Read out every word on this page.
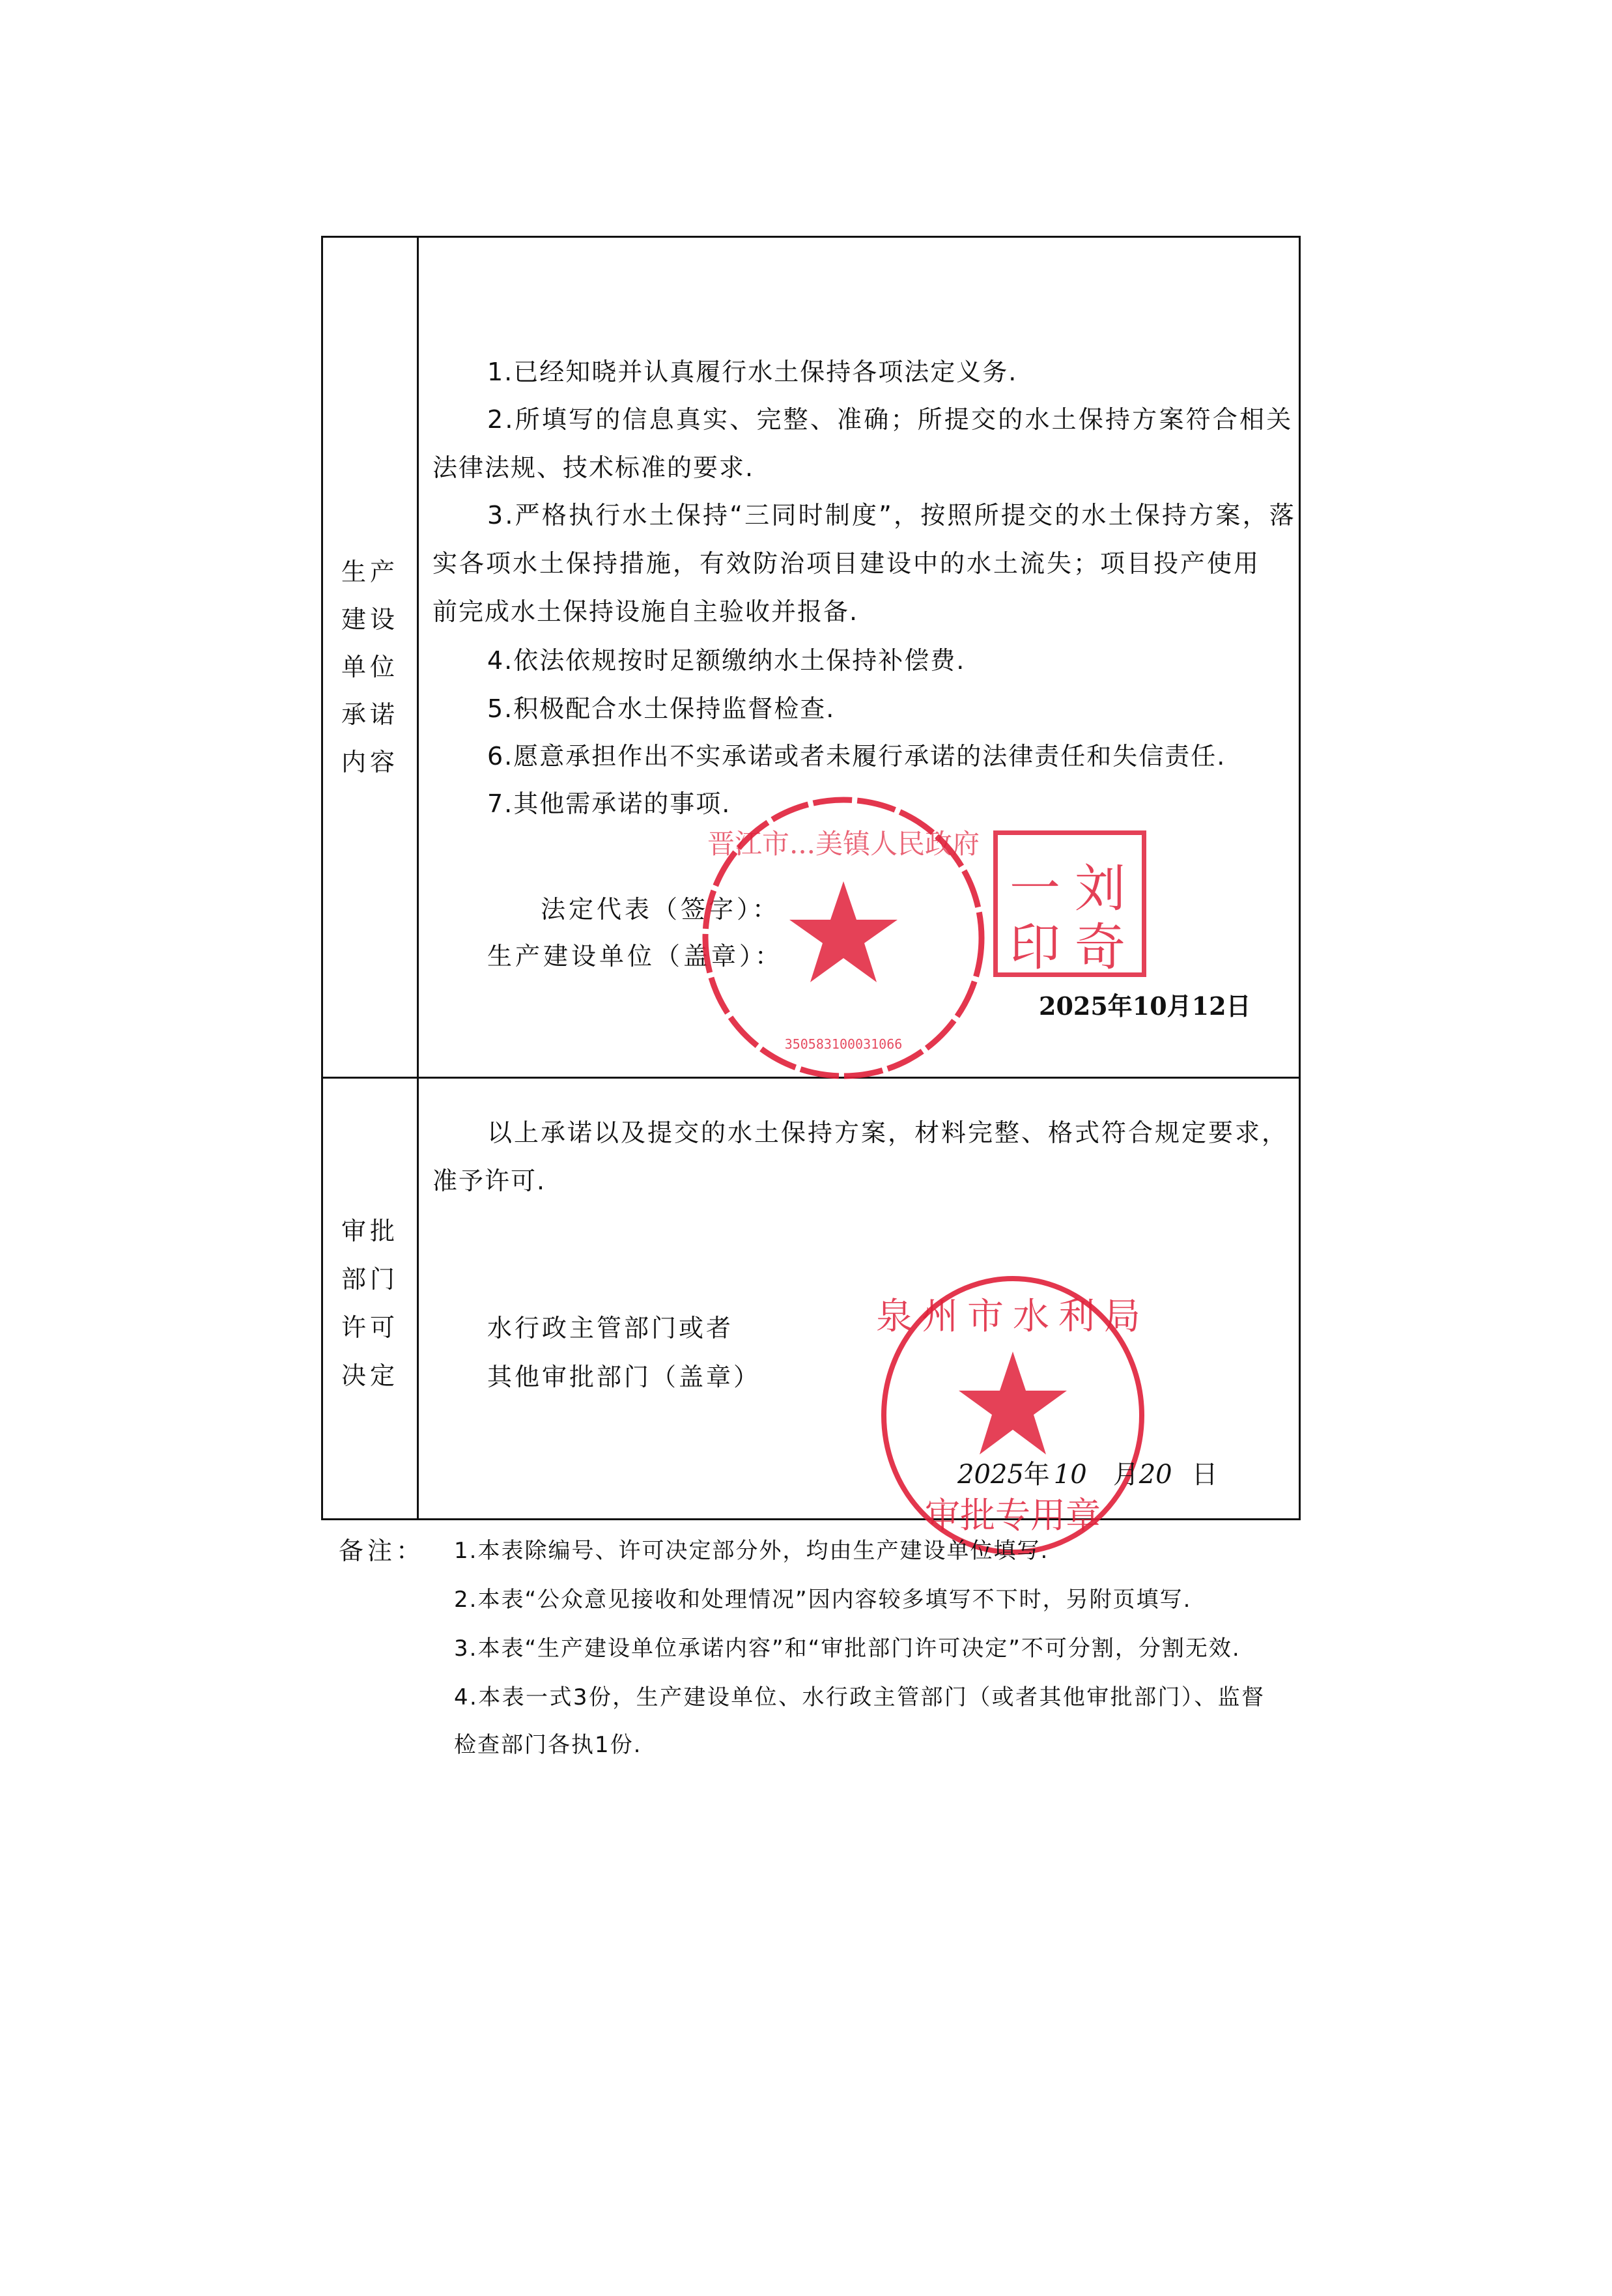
生产
建设
单位
承诺
内容
1.已经知晓并认真履行水土保持各项法定义务.
2.所填写的信息真实、完整、准确；所提交的水土保持方案符合相关
法律法规、技术标准的要求.
3.严格执行水土保持“三同时制度”，按照所提交的水土保持方案，落
实各项水土保持措施，有效防治项目建设中的水土流失；项目投产使用
前完成水土保持设施自主验收并报备.
4.依法依规按时足额缴纳水土保持补偿费.
5.积极配合水土保持监督检查.
6.愿意承担作出不实承诺或者未履行承诺的法律责任和失信责任.
7.其他需承诺的事项.
法定代表（签字）：
生产建设单位（盖章）：
2025年10月12日
350583100031066
晋江市...美镇人民政府
刘
奇
一
印
审批
部门
许可
决定
以上承诺以及提交的水土保持方案，材料完整、格式符合规定要求，
准予许可.
水行政主管部门或者
其他审批部门（盖章）
泉州市水利局
审批专用章
2025年 10 月20 日
备注： 1.本表除编号、许可决定部分外，均由生产建设单位填写.
2.本表“公众意见接收和处理情况”因内容较多填写不下时，另附页填写.
3.本表“生产建设单位承诺内容”和“审批部门许可决定”不可分割，分割无效.
4.本表一式3份，生产建设单位、水行政主管部门（或者其他审批部门）、监督
检查部门各执1份.
